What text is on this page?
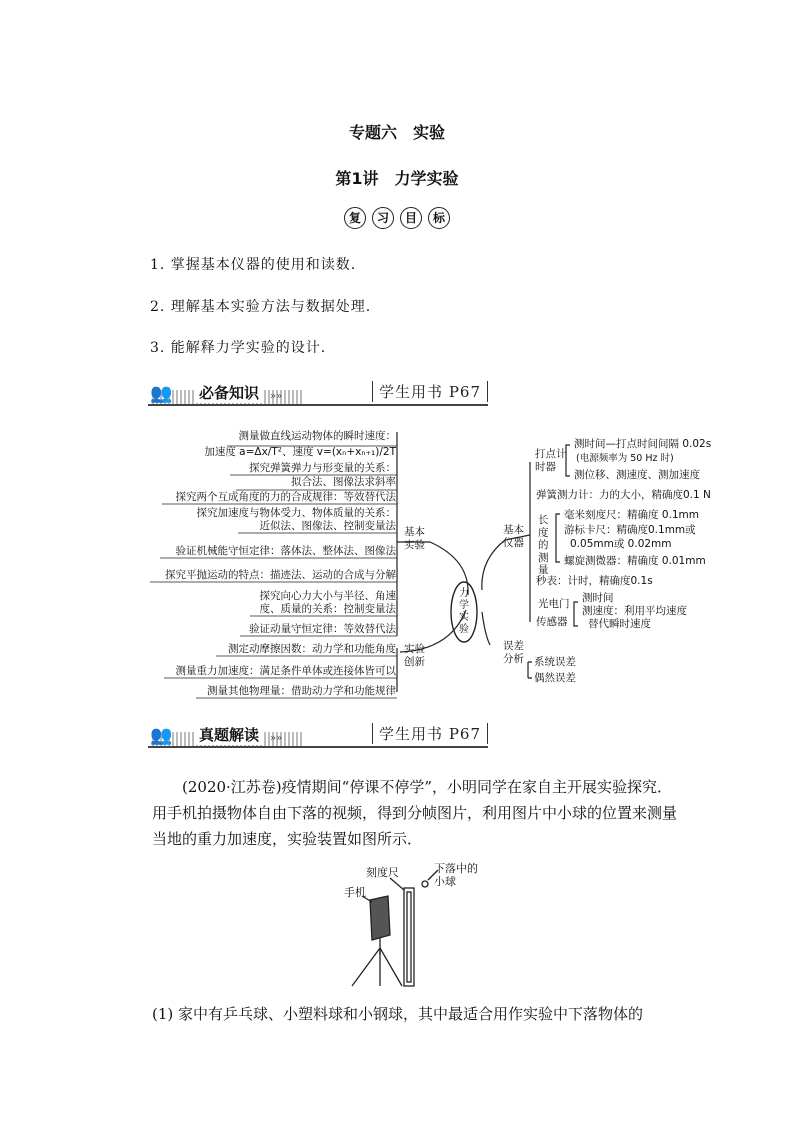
专题六　实验
第1讲　力学实验
复	习	目	标
1. 掌握基本仪器的使用和读数.
2. 理解基本实验方法与数据处理.
3. 能解释力学实验的设计.
👥 必备知识	»»	学生用书 P67
力学实验
测量做直线运动物体的瞬时速度：
加速度 a=Δx/T²、速度 v=(xₙ+xₙ₊₁)/2T
探究弹簧弹力与形变量的关系：
拟合法、图像法求斜率
探究两个互成角度的力的合成规律：等效替代法
探究加速度与物体受力、物体质量的关系：
近似法、图像法、控制变量法
验证机械能守恒定律：落体法、整体法、图像法
探究平抛运动的特点：描迹法、运动的合成与分解
探究向心力大小与半径、角速
度、质量的关系：控制变量法
验证动量守恒定律：等效替代法
基本实验
测定动摩擦因数：动力学和功能角度
测量重力加速度：满足条件单体或连接体皆可以
测量其他物理量：借助动力学和功能规律
实验创新
基本仪器
打点计时器
测时间—打点时间间隔 0.02s
(电源频率为 50 Hz 时)
测位移、测速度、测加速度
弹簧测力计：力的大小，精确度0.1 N
长度的测量
毫米刻度尺：精确度 0.1mm
游标卡尺：精确度0.1mm或
0.05mm或 0.02mm
螺旋测微器：精确度 0.01mm
秒表：计时，精确度0.1s
光电门
传感器
测时间
测速度：利用平均速度
替代瞬时速度
误差分析 系统误差
偶然误差
👥 真题解读	»»	学生用书 P67
(2020·江苏卷)疫情期间“停课不停学”，小明同学在家自主开展实验探究．用手机拍摄物体自由下落的视频，得到分帧图片，利用图片中小球的位置来测量当地的重力加速度，实验装置如图所示．
刻度尺	下落中的小球
手机
(1) 家中有乒乓球、小塑料球和小钢球，其中最适合用作实验中下落物体的
